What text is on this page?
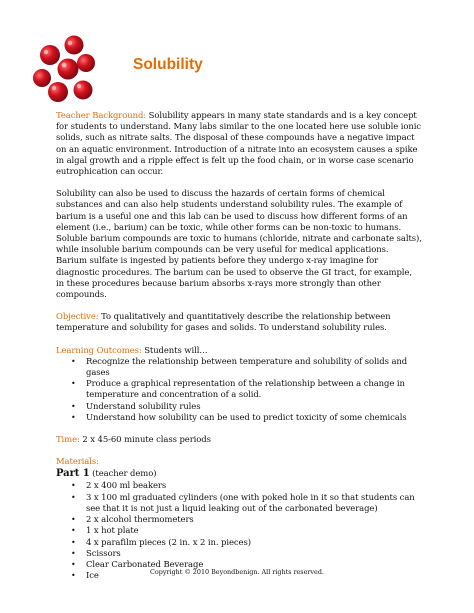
Solubility

Teacher Background: Solubility appears in many state standards and is a key concept for students to understand. Many labs similar to the one located here use soluble ionic solids, such as nitrate salts. The disposal of these compounds have a negative impact on an aquatic environment. Introduction of a nitrate into an ecosystem causes a spike in algal growth and a ripple effect is felt up the food chain, or in worse case scenario eutrophication can occur.

Solubility can also be used to discuss the hazards of certain forms of chemical substances and can also help students understand solubility rules. The example of barium is a useful one and this lab can be used to discuss how different forms of an element (i.e., barium) can be toxic, while other forms can be non-toxic to humans. Soluble barium compounds are toxic to humans (chloride, nitrate and carbonate salts), while insoluble barium compounds can be very useful for medical applications. Barium sulfate is ingested by patients before they undergo x-ray imagine for diagnostic procedures. The barium can be used to observe the GI tract, for example, in these procedures because barium absorbs x-rays more strongly than other compounds.

Objective: To qualitatively and quantitatively describe the relationship between temperature and solubility for gases and solids. To understand solubility rules.

Learning Outcomes: Students will…

• Recognize the relationship between temperature and solubility of solids and gases
• Produce a graphical representation of the relationship between a change in temperature and concentration of a solid.
• Understand solubility rules
• Understand how solubility can be used to predict toxicity of some chemicals

Time: 2 x 45-60 minute class periods

Materials:

Part 1 (teacher demo)

• 2 x 400 ml beakers
• 3 x 100 ml graduated cylinders (one with poked hole in it so that students can see that it is not just a liquid leaking out of the carbonated beverage)
• 2 x alcohol thermometers
• 1 x hot plate
• 4 x parafilm pieces (2 in. x 2 in. pieces)
• Scissors
• Clear Carbonated Beverage
• Ice	Copyright © 2010 Beyondbenign. All rights reserved.
